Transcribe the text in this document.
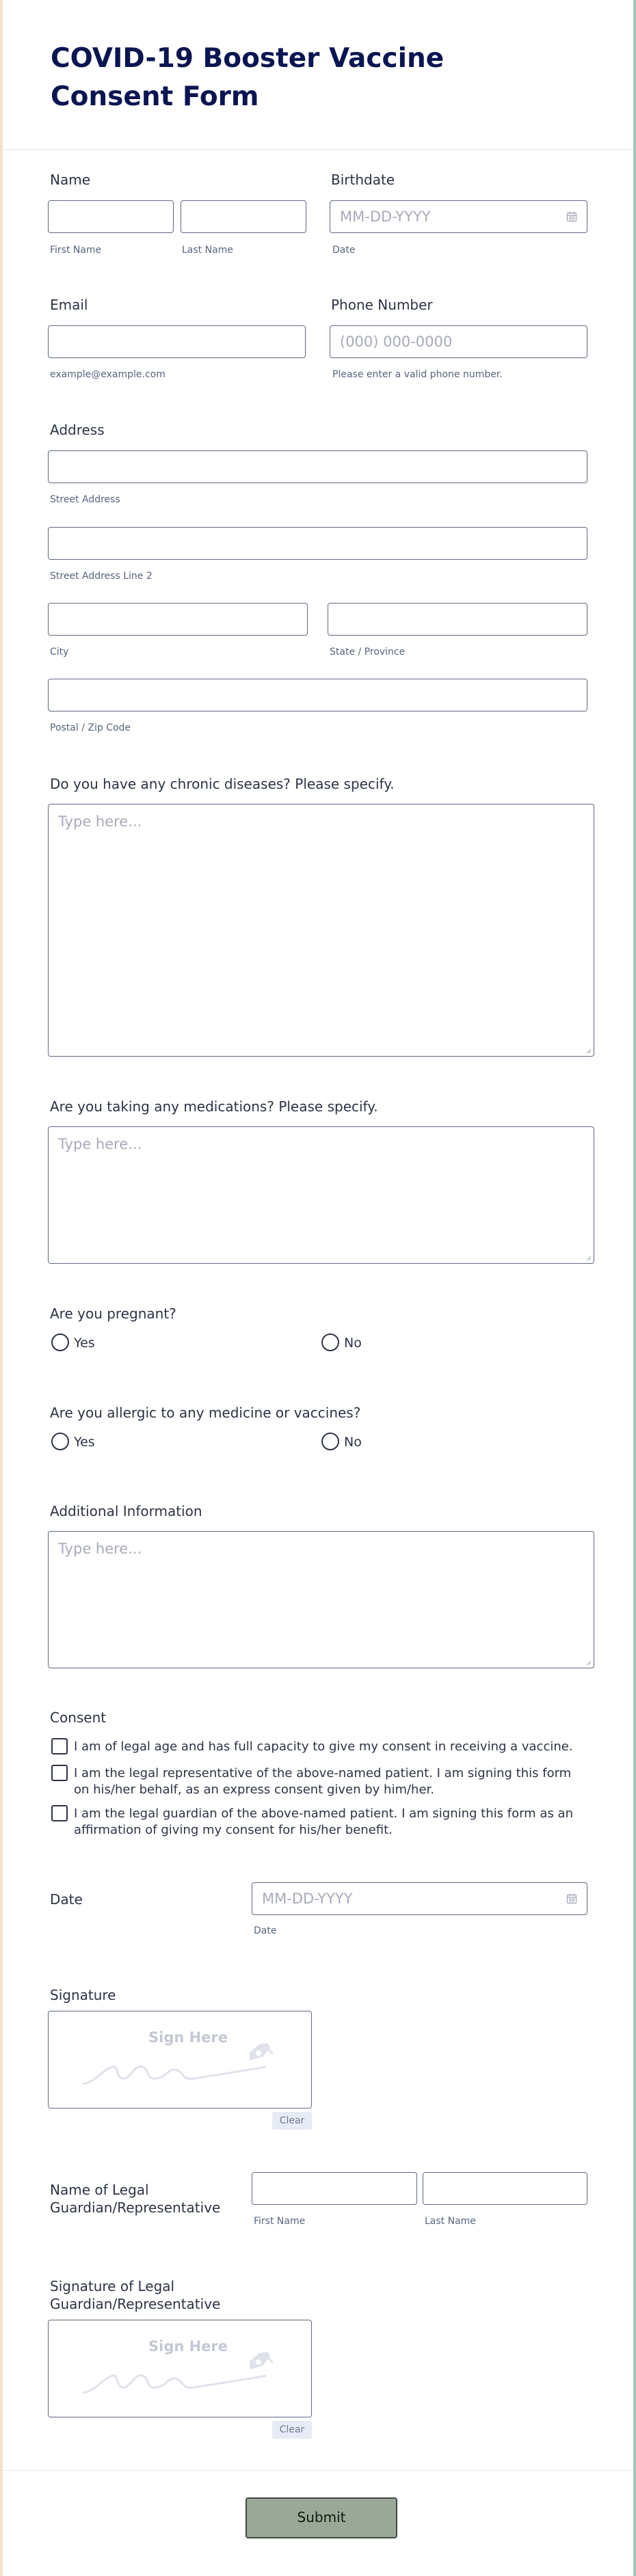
COVID-19 Booster Vaccine Consent Form
Name
First Name	Last Name
Birthdate
MM-DD-YYYY
Date
Email
example@example.com
Phone Number
(000) 000-0000
Please enter a valid phone number.
Address
Street Address
Street Address Line 2
City	State / Province
Postal / Zip Code
Do you have any chronic diseases? Please specify.
Type here...
Are you taking any medications? Please specify.
Type here...
Are you pregnant?
Yes	No
Are you allergic to any medicine or vaccines?
Yes	No
Additional Information
Type here...
Consent
I am of legal age and has full capacity to give my consent in receiving a vaccine.
I am the legal representative of the above-named patient. I am signing this form on his/her behalf, as an express consent given by him/her.
I am the legal guardian of the above-named patient. I am signing this form as an affirmation of giving my consent for his/her benefit.
Date	MM-DD-YYYY
Date
Signature
Sign Here
Clear
Name of Legal Guardian/Representative
First Name	Last Name
Signature of Legal Guardian/Representative
Sign Here
Clear
Submit
